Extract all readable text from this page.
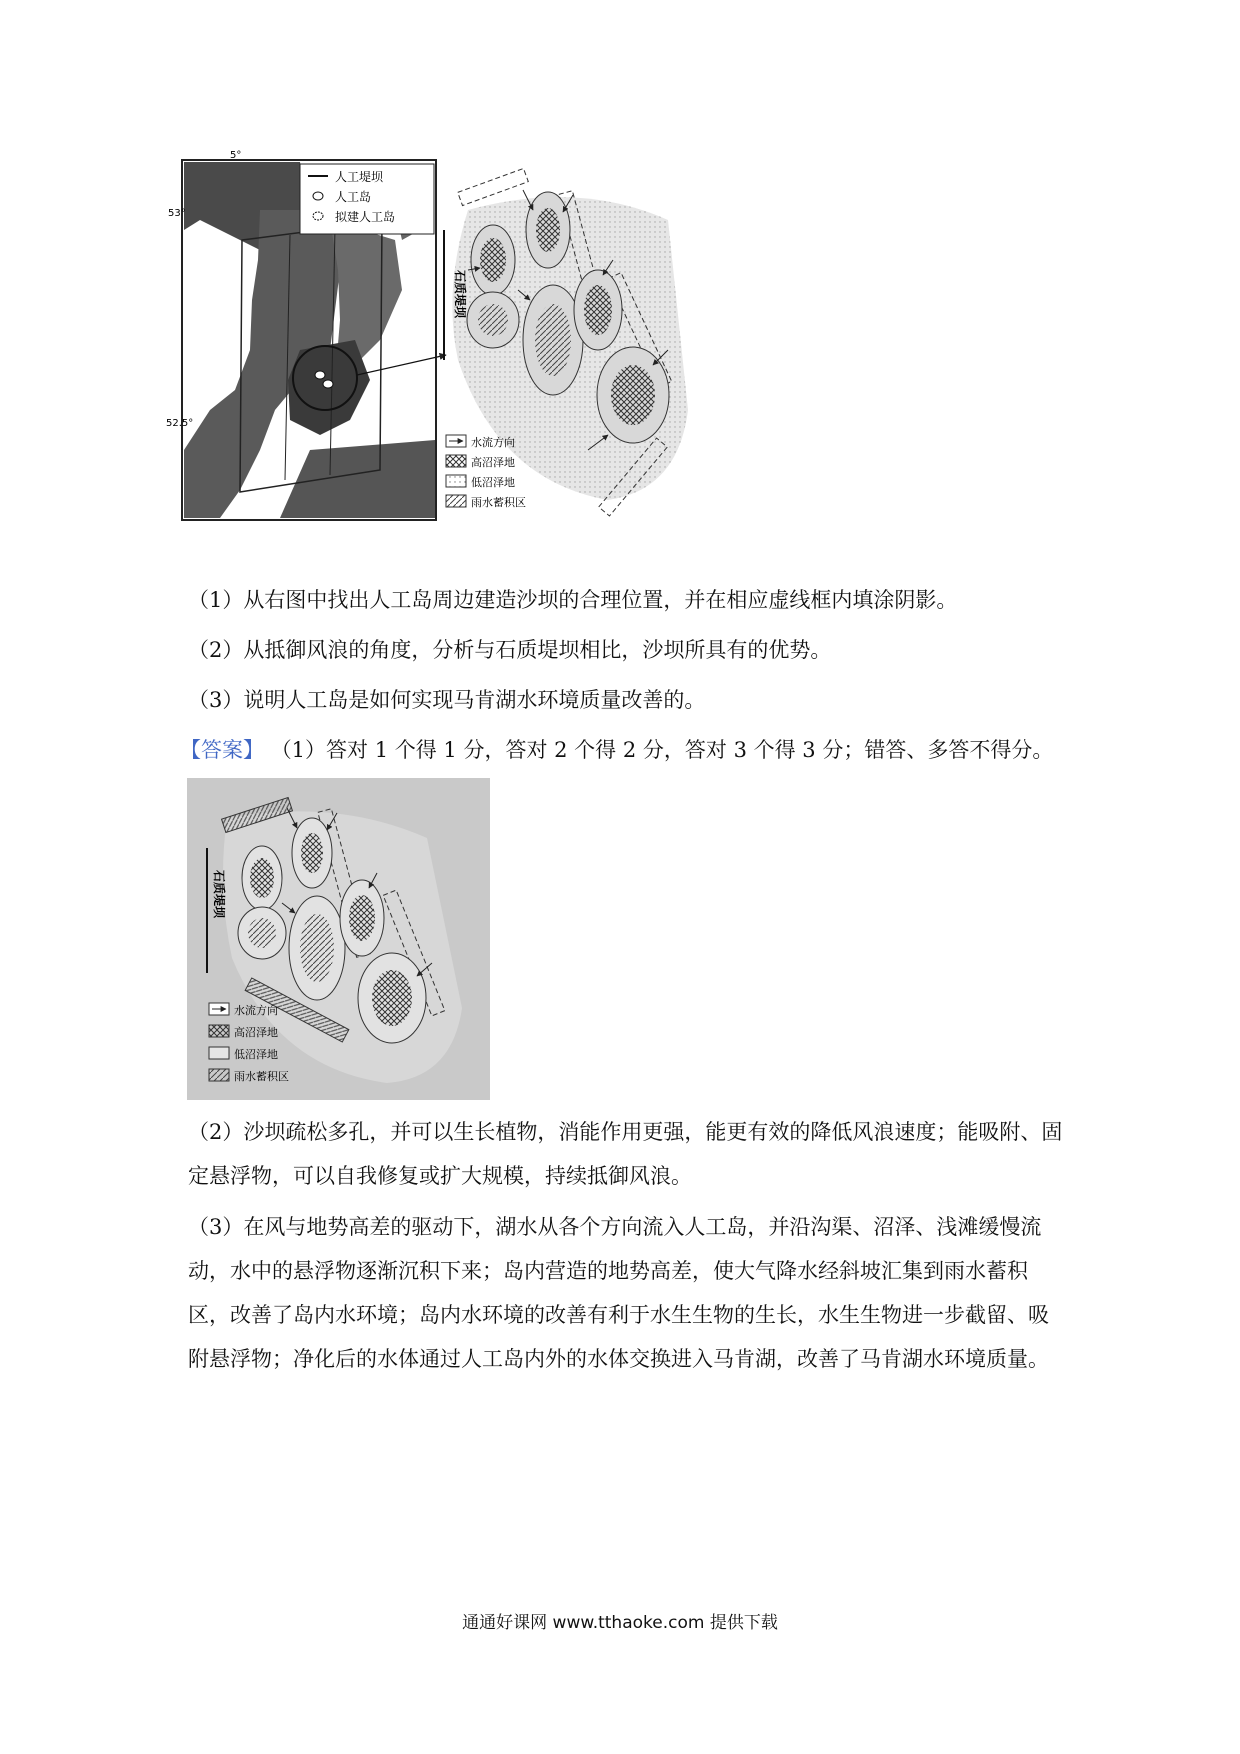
人工堤坝
人工岛
拟建人工岛
5°
53°
52.5°
石质堤坝
水流方向
高沼泽地
低沼泽地
雨水蓄积区

（1）从右图中找出人工岛周边建造沙坝的合理位置，并在相应虚线框内填涂阴影。

（2）从抵御风浪的角度，分析与石质堤坝相比，沙坝所具有的优势。

（3）说明人工岛是如何实现马肯湖水环境质量改善的。

【答案】 （1）答对 1 个得 1 分，答对 2 个得 2 分，答对 3 个得 3 分；错答、多答不得分。

石质堤坝
水流方向
高沼泽地
低沼泽地
雨水蓄积区

（2）沙坝疏松多孔，并可以生长植物，消能作用更强，能更有效的降低风浪速度；能吸附、固定悬浮物，可以自我修复或扩大规模，持续抵御风浪。

（3）在风与地势高差的驱动下，湖水从各个方向流入人工岛，并沿沟渠、沼泽、浅滩缓慢流动，水中的悬浮物逐渐沉积下来；岛内营造的地势高差，使大气降水经斜坡汇集到雨水蓄积区，改善了岛内水环境；岛内水环境的改善有利于水生生物的生长，水生生物进一步截留、吸附悬浮物；净化后的水体通过人工岛内外的水体交换进入马肯湖，改善了马肯湖水环境质量。

通通好课网 www.tthaoke.com 提供下载
